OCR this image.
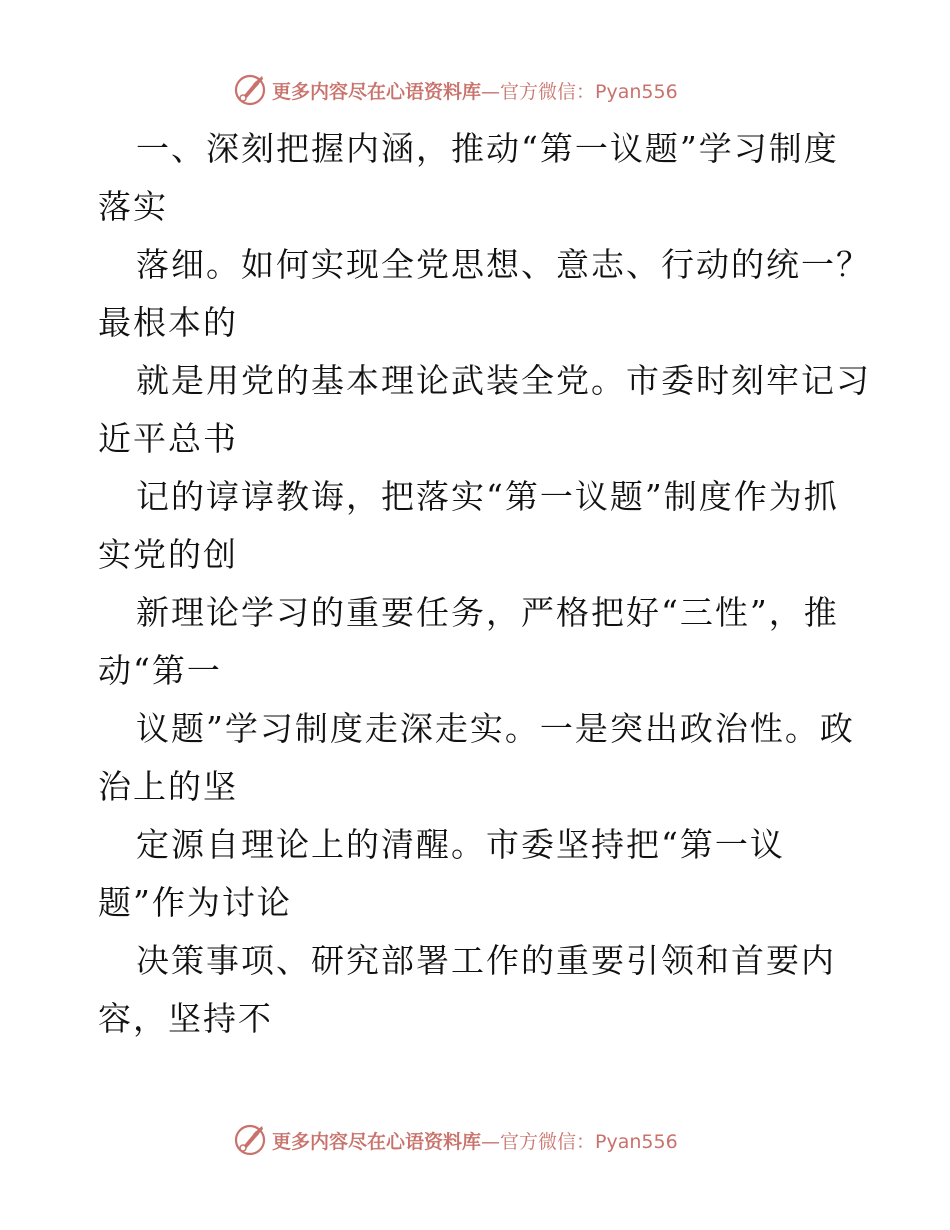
更多内容尽在心语资料库 —官方微信：Pyan556
一、深刻把握内涵，推动“第一议题”学习制度
落实
落细。如何实现全党思想、意志、行动的统一？
最根本的
就是用党的基本理论武装全党。市委时刻牢记习
近平总书
记的谆谆教诲，把落实“第一议题”制度作为抓
实党的创
新理论学习的重要任务，严格把好“三性”，推
动“第一
议题”学习制度走深走实。一是突出政治性。政
治上的坚
定源自理论上的清醒。市委坚持把“第一议
题”作为讨论
决策事项、研究部署工作的重要引领和首要内
容，坚持不
更多内容尽在心语资料库 —官方微信：Pyan556
